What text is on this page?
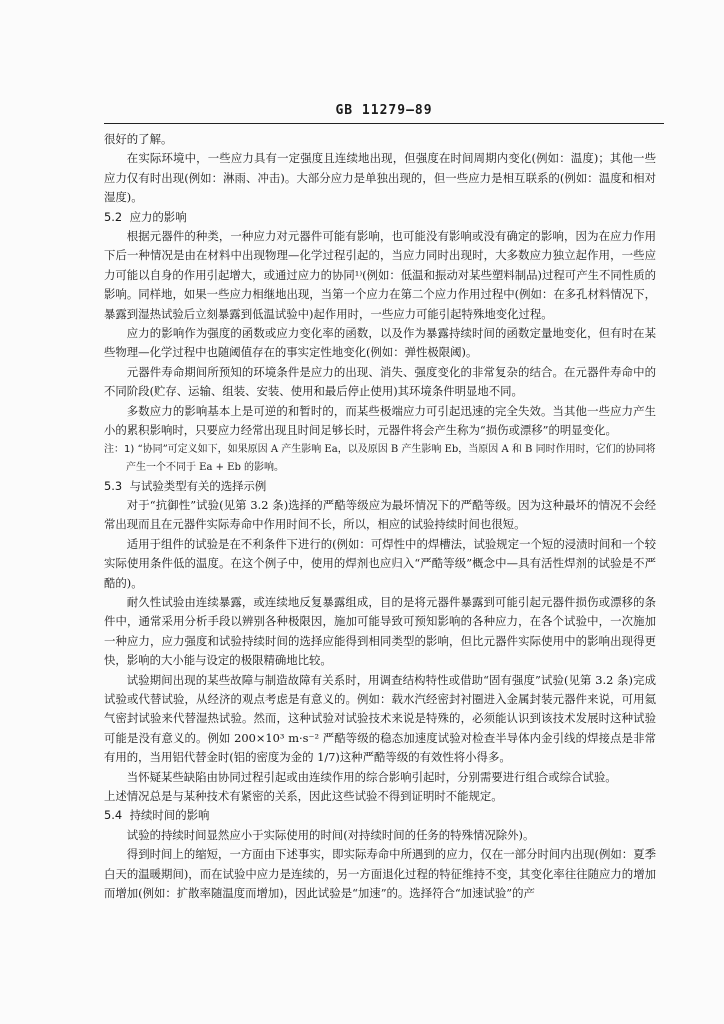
GB 11279—89

很好的了解。

在实际环境中，一些应力具有一定强度且连续地出现，但强度在时间周期内变化(例如：温度)；其他一些应力仅有时出现(例如：淋雨、冲击)。大部分应力是单独出现的，但一些应力是相互联系的(例如：温度和相对湿度)。

5.2 应力的影响

根据元器件的种类，一种应力对元器件可能有影响，也可能没有影响或没有确定的影响，因为在应力作用下后一种情况是由在材料中出现物理—化学过程引起的，当应力同时出现时，大多数应力独立起作用，一些应力可能以自身的作用引起增大，或通过应力的协同¹⁾(例如：低温和振动对某些塑料制品)过程可产生不同性质的影响。同样地，如果一些应力相继地出现，当第一个应力在第二个应力作用过程中(例如：在多孔材料情况下，暴露到湿热试验后立刻暴露到低温试验中)起作用时，一些应力可能引起特殊地变化过程。

应力的影响作为强度的函数或应力变化率的函数，以及作为暴露持续时间的函数定量地变化，但有时在某些物理—化学过程中也随阈值存在的事实定性地变化(例如：弹性极限阈)。

元器件寿命期间所预知的环境条件是应力的出现、消失、强度变化的非常复杂的结合。在元器件寿命中的不同阶段(贮存、运输、组装、安装、使用和最后停止使用)其环境条件明显地不同。

多数应力的影响基本上是可逆的和暂时的，而某些极端应力可引起迅速的完全失效。当其他一些应力产生小的累积影响时，只要应力经常出现且时间足够长时，元器件将会产生称为“损伤或漂移”的明显变化。

注：1) “协同”可定义如下，如果原因 A 产生影响 Ea，以及原因 B 产生影响 Eb，当原因 A 和 B 同时作用时，它们的协同将产生一个不同于 Ea + Eb 的影响。

5.3 与试验类型有关的选择示例

对于“抗御性”试验(见第 3.2 条)选择的严酷等级应为最坏情况下的严酷等级。因为这种最坏的情况不会经常出现而且在元器件实际寿命中作用时间不长，所以，相应的试验持续时间也很短。

适用于组件的试验是在不利条件下进行的(例如：可焊性中的焊槽法，试验规定一个短的浸渍时间和一个较实际使用条件低的温度。在这个例子中，使用的焊剂也应归入“严酷等级”概念中—具有活性焊剂的试验是不严酷的)。

耐久性试验由连续暴露，或连续地反复暴露组成，目的是将元器件暴露到可能引起元器件损伤或漂移的条件中，通常采用分析手段以辨别各种极限因，施加可能导致可预知影响的各种应力，在各个试验中，一次施加一种应力，应力强度和试验持续时间的选择应能得到相同类型的影响，但比元器件实际使用中的影响出现得更快，影响的大小能与设定的极限精确地比较。

试验期间出现的某些故障与制造故障有关系时，用调查结构特性或借助“固有强度”试验(见第 3.2 条)完成试验或代替试验，从经济的观点考虑是有意义的。例如：载水汽经密封衬圈进入金属封装元器件来说，可用氦气密封试验来代替湿热试验。然而，这种试验对试验技术来说是特殊的，必须能认识到该技术发展时这种试验可能是没有意义的。例如 200×10³ m·s⁻² 严酷等级的稳态加速度试验对检查半导体内金引线的焊接点是非常有用的，当用铝代替金时(铝的密度为金的 1/7)这种严酷等级的有效性将小得多。

当怀疑某些缺陷由协同过程引起或由连续作用的综合影响引起时，分别需要进行组合或综合试验。

上述情况总是与某种技术有紧密的关系，因此这些试验不得到证明时不能规定。

5.4 持续时间的影响

试验的持续时间显然应小于实际使用的时间(对持续时间的任务的特殊情况除外)。

得到时间上的缩短，一方面由下述事实，即实际寿命中所遇到的应力，仅在一部分时间内出现(例如：夏季白天的温暖期间)，而在试验中应力是连续的，另一方面退化过程的特征维持不变，其变化率往往随应力的增加而增加(例如：扩散率随温度而增加)，因此试验是“加速”的。选择符合“加速试验”的产
